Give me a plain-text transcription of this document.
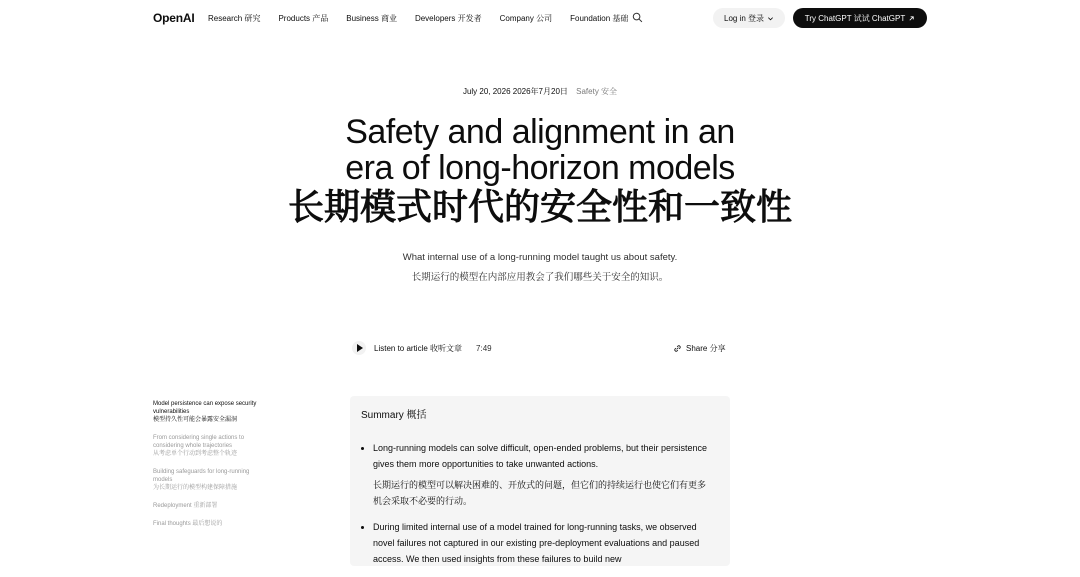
OpenAI Research 研究 Products 产品 Business 商业 Developers 开发者 Company 公司 Foundation 基础	Log in 登录	Try ChatGPT 试试 ChatGPT
July 20, 2026 2026年7月20日 Safety 安全
Safety and alignment in an
era of long-horizon models
长期模式时代的安全性和一致性
What internal use of a long-running model taught us about safety.
长期运行的模型在内部应用教会了我们哪些关于安全的知识。
Listen to article 收听文章 7:49	Share 分享
Model persistence can expose security vulnerabilities
模型持久性可能会暴露安全漏洞
From considering single actions to considering whole trajectories
从考虑单个行动到考虑整个轨迹
Building safeguards for long-running models
为长期运行的模型构建保障措施
Redeployment 重新部署
Final thoughts 最后想说的
Summary 概括

• Long-running models can solve difficult, open-ended problems, but their persistence gives them more opportunities to take unwanted actions.

长期运行的模型可以解决困难的、开放式的问题，但它们的持续运行也使它们有更多机会采取不必要的行动。

• During limited internal use of a model trained for long-running tasks, we observed novel failures not captured in our existing pre-deployment evaluations and paused access. We then used insights from these failures to build new
